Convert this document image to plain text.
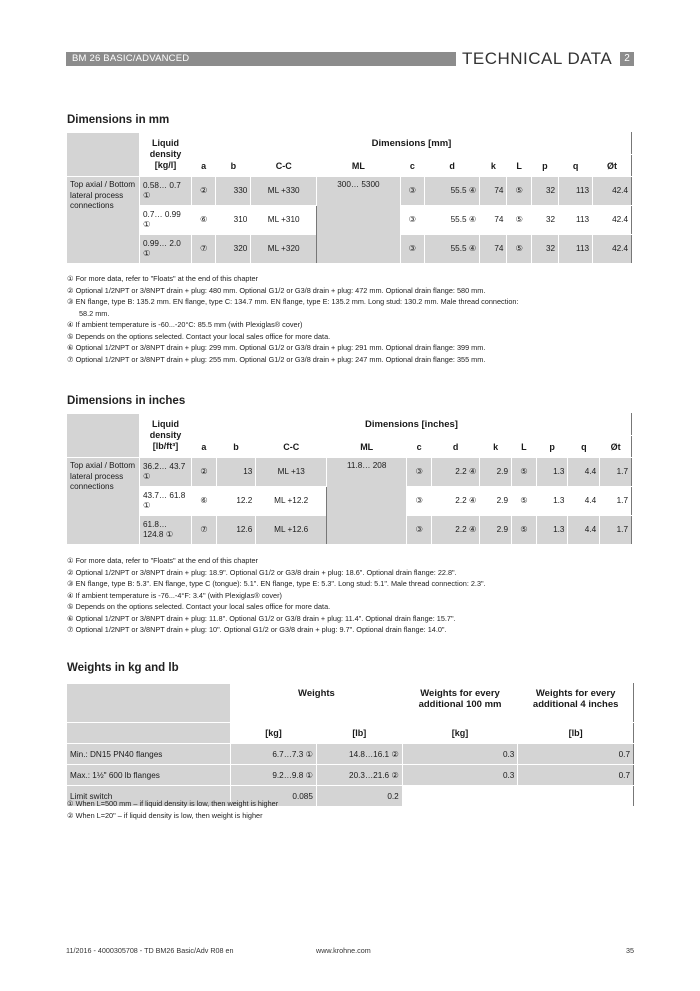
BM 26 BASIC/ADVANCED	TECHNICAL DATA	2
Dimensions in mm
	Liquid density [kg/l]	Dimensions [mm]										
		a	b	C-C	ML	c	d	k	L	p	q	Øt
Top axial / Bottom lateral process connections	0.58… 0.7 ①	②	330	ML +330	300… 5300	③	55.5 ④	74	⑤	32	113	42.4
	0.7… 0.99 ①	⑥	310	ML +310		③	55.5 ④	74	⑤	32	113	42.4
	0.99… 2.0 ①	⑦	320	ML +320		③	55.5 ④	74	⑤	32	113	42.4
① For more data, refer to "Floats" at the end of this chapter
② Optional 1/2NPT or 3/8NPT drain + plug: 480 mm. Optional G1/2 or G3/8 drain + plug: 472 mm. Optional drain flange: 580 mm.
③ EN flange, type B: 135.2 mm. EN flange, type C: 134.7 mm. EN flange, type E: 135.2 mm. Long stud: 130.2 mm. Male thread connection:
58.2 mm.
④ If ambient temperature is -60...-20°C: 85.5 mm (with Plexiglas® cover)
⑤ Depends on the options selected. Contact your local sales office for more data.
⑥ Optional 1/2NPT or 3/8NPT drain + plug: 299 mm. Optional G1/2 or G3/8 drain + plug: 291 mm. Optional drain flange: 399 mm.
⑦ Optional 1/2NPT or 3/8NPT drain + plug: 255 mm. Optional G1/2 or G3/8 drain + plug: 247 mm. Optional drain flange: 355 mm.
Dimensions in inches
	Liquid density [lb/ft³]	Dimensions [inches]										
		a	b	C-C	ML	c	d	k	L	p	q	Øt
Top axial / Bottom lateral process connections	36.2… 43.7 ①	②	13	ML +13	11.8… 208	③	2.2 ④	2.9	⑤	1.3	4.4	1.7
	43.7… 61.8 ①	⑥	12.2	ML +12.2		③	2.2 ④	2.9	⑤	1.3	4.4	1.7
	61.8… 124.8 ①	⑦	12.6	ML +12.6		③	2.2 ④	2.9	⑤	1.3	4.4	1.7
① For more data, refer to "Floats" at the end of this chapter
② Optional 1/2NPT or 3/8NPT drain + plug: 18.9". Optional G1/2 or G3/8 drain + plug: 18.6". Optional drain flange: 22.8".
③ EN flange, type B: 5.3". EN flange, type C (tongue): 5.1". EN flange, type E: 5.3". Long stud: 5.1". Male thread connection: 2.3".
④ If ambient temperature is -76...-4°F: 3.4" (with Plexiglas® cover)
⑤ Depends on the options selected. Contact your local sales office for more data.
⑥ Optional 1/2NPT or 3/8NPT drain + plug: 11.8". Optional G1/2 or G3/8 drain + plug: 11.4". Optional drain flange: 15.7".
⑦ Optional 1/2NPT or 3/8NPT drain + plug: 10". Optional G1/2 or G3/8 drain + plug: 9.7". Optional drain flange: 14.0".
Weights in kg and lb
	Weights		Weights for every additional 100 mm	Weights for every additional 4 inches
	[kg]	[lb]	[kg]	[lb]
Min.: DN15 PN40 flanges	6.7…7.3 ①	14.8…16.1 ②	0.3	0.7
Max.: 1½" 600 lb flanges	9.2…9.8 ①	20.3…21.6 ②	0.3	0.7
Limit switch	0.085	0.2		
① When L=500 mm – if liquid density is low, then weight is higher
② When L=20" – if liquid density is low, then weight is higher
11/2016 - 4000305708 - TD BM26 Basic/Adv R08 en	www.krohne.com	35
